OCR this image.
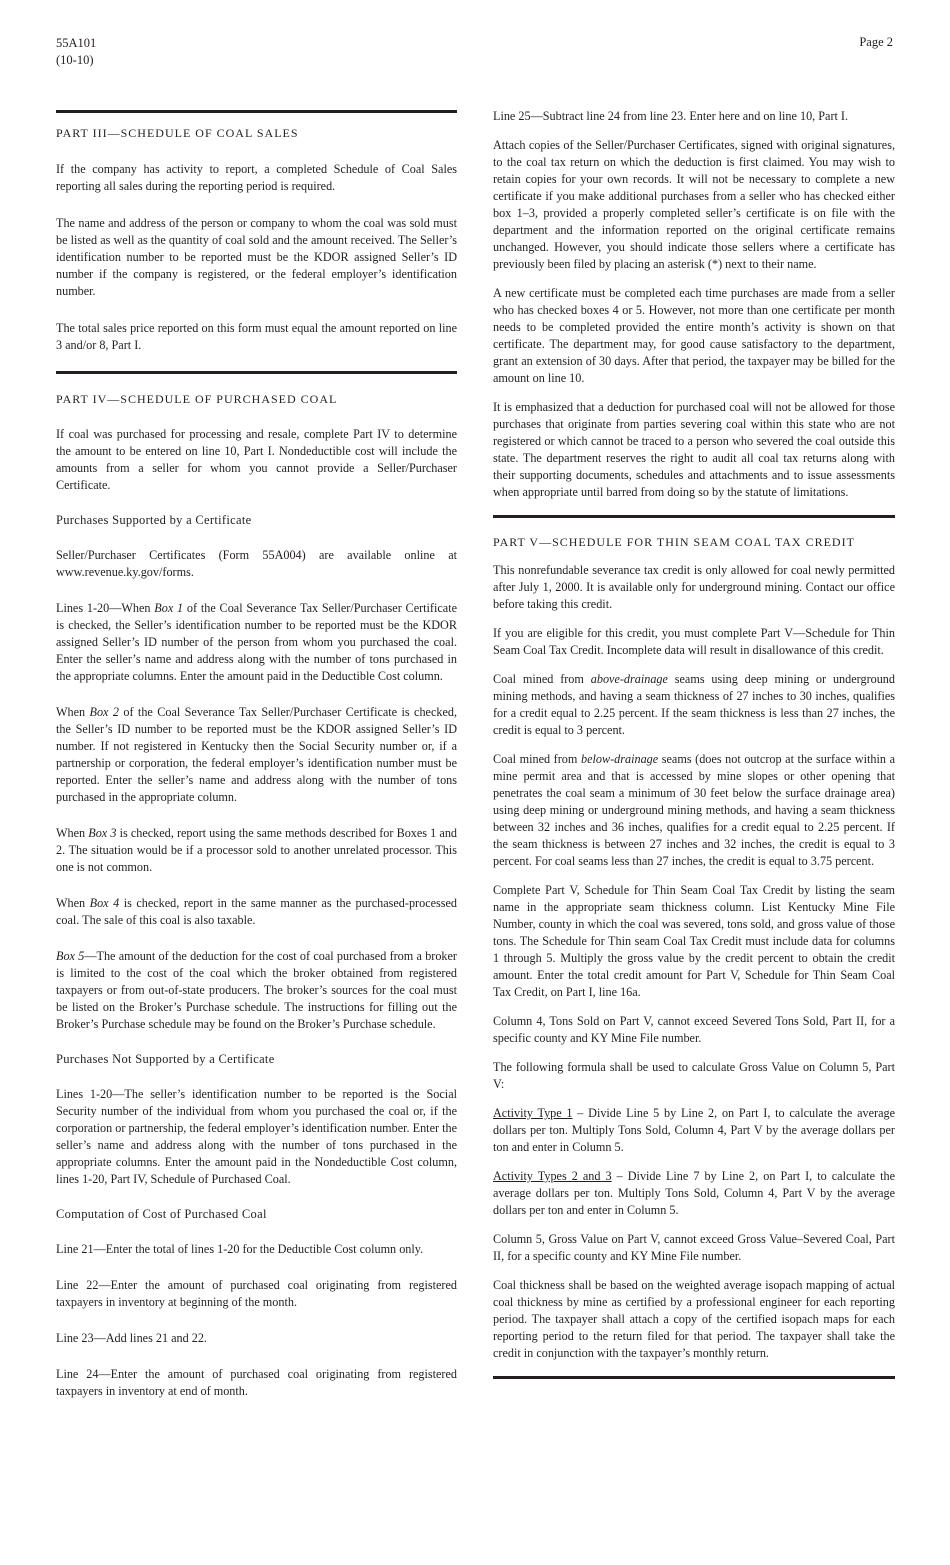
55A101
(10-10)
Page 2
PART III—SCHEDULE OF COAL SALES

If the company has activity to report, a completed Schedule of Coal Sales reporting all sales during the reporting period is required.

The name and address of the person or company to whom the coal was sold must be listed as well as the quantity of coal sold and the amount received. The Seller’s identification number to be reported must be the KDOR assigned Seller’s ID number if the company is registered, or the federal employer’s identification number.

The total sales price reported on this form must equal the amount reported on line 3 and/or 8, Part I.

PART IV—SCHEDULE OF PURCHASED COAL

If coal was purchased for processing and resale, complete Part IV to determine the amount to be entered on line 10, Part I. Nondeductible cost will include the amounts from a seller for whom you cannot provide a Seller/Purchaser Certificate.

Purchases Supported by a Certificate

Seller/Purchaser Certificates (Form 55A004) are available online at www.revenue.ky.gov/forms.

Lines 1-20—When Box 1 of the Coal Severance Tax Seller/Purchaser Certificate is checked, the Seller’s identification number to be reported must be the KDOR assigned Seller’s ID number of the person from whom you purchased the coal. Enter the seller’s name and address along with the number of tons purchased in the appropriate columns. Enter the amount paid in the Deductible Cost column.

When Box 2 of the Coal Severance Tax Seller/Purchaser Certificate is checked, the Seller’s ID number to be reported must be the KDOR assigned Seller’s ID number. If not registered in Kentucky then the Social Security number or, if a partnership or corporation, the federal employer’s identification number must be reported. Enter the seller’s name and address along with the number of tons purchased in the appropriate column.

When Box 3 is checked, report using the same methods described for Boxes 1 and 2. The situation would be if a processor sold to another unrelated processor. This one is not common.

When Box 4 is checked, report in the same manner as the purchased-processed coal. The sale of this coal is also taxable.

Box 5—The amount of the deduction for the cost of coal purchased from a broker is limited to the cost of the coal which the broker obtained from registered taxpayers or from out-of-state producers. The broker’s sources for the coal must be listed on the Broker’s Purchase schedule. The instructions for filling out the Broker’s Purchase schedule may be found on the Broker’s Purchase schedule.

Purchases Not Supported by a Certificate

Lines 1-20—The seller’s identification number to be reported is the Social Security number of the individual from whom you purchased the coal or, if the corporation or partnership, the federal employer’s identification number. Enter the seller’s name and address along with the number of tons purchased in the appropriate columns. Enter the amount paid in the Nondeductible Cost column, lines 1-20, Part IV, Schedule of Purchased Coal.

Computation of Cost of Purchased Coal

Line 21—Enter the total of lines 1-20 for the Deductible Cost column only.

Line 22—Enter the amount of purchased coal originating from registered taxpayers in inventory at beginning of the month.

Line 23—Add lines 21 and 22.

Line 24—Enter the amount of purchased coal originating from registered taxpayers in inventory at end of month.

Line 25—Subtract line 24 from line 23. Enter here and on line 10, Part I.

Attach copies of the Seller/Purchaser Certificates, signed with original signatures, to the coal tax return on which the deduction is first claimed. You may wish to retain copies for your own records. It will not be necessary to complete a new certificate if you make additional purchases from a seller who has checked either box 1–3, provided a properly completed seller’s certificate is on file with the department and the information reported on the original certificate remains unchanged. However, you should indicate those sellers where a certificate has previously been filed by placing an asterisk (*) next to their name.

A new certificate must be completed each time purchases are made from a seller who has checked boxes 4 or 5. However, not more than one certificate per month needs to be completed provided the entire month’s activity is shown on that certificate. The department may, for good cause satisfactory to the department, grant an extension of 30 days. After that period, the taxpayer may be billed for the amount on line 10.

It is emphasized that a deduction for purchased coal will not be allowed for those purchases that originate from parties severing coal within this state who are not registered or which cannot be traced to a person who severed the coal outside this state. The department reserves the right to audit all coal tax returns along with their supporting documents, schedules and attachments and to issue assessments when appropriate until barred from doing so by the statute of limitations.

PART V—SCHEDULE FOR THIN SEAM COAL TAX CREDIT

This nonrefundable severance tax credit is only allowed for coal newly permitted after July 1, 2000. It is available only for underground mining. Contact our office before taking this credit.

If you are eligible for this credit, you must complete Part V—Schedule for Thin Seam Coal Tax Credit. Incomplete data will result in disallowance of this credit.

Coal mined from above-drainage seams using deep mining or underground mining methods, and having a seam thickness of 27 inches to 30 inches, qualifies for a credit equal to 2.25 percent. If the seam thickness is less than 27 inches, the credit is equal to 3 percent.

Coal mined from below-drainage seams (does not outcrop at the surface within a mine permit area and that is accessed by mine slopes or other opening that penetrates the coal seam a minimum of 30 feet below the surface drainage area) using deep mining or underground mining methods, and having a seam thickness between 32 inches and 36 inches, qualifies for a credit equal to 2.25 percent. If the seam thickness is between 27 inches and 32 inches, the credit is equal to 3 percent. For coal seams less than 27 inches, the credit is equal to 3.75 percent.

Complete Part V, Schedule for Thin Seam Coal Tax Credit by listing the seam name in the appropriate seam thickness column. List Kentucky Mine File Number, county in which the coal was severed, tons sold, and gross value of those tons. The Schedule for Thin seam Coal Tax Credit must include data for columns 1 through 5. Multiply the gross value by the credit percent to obtain the credit amount. Enter the total credit amount for Part V, Schedule for Thin Seam Coal Tax Credit, on Part I, line 16a.

Column 4, Tons Sold on Part V, cannot exceed Severed Tons Sold, Part II, for a specific county and KY Mine File number.

The following formula shall be used to calculate Gross Value on Column 5, Part V:

Activity Type 1 – Divide Line 5 by Line 2, on Part I, to calculate the average dollars per ton. Multiply Tons Sold, Column 4, Part V by the average dollars per ton and enter in Column 5.

Activity Types 2 and 3 – Divide Line 7 by Line 2, on Part I, to calculate the average dollars per ton. Multiply Tons Sold, Column 4, Part V by the average dollars per ton and enter in Column 5.

Column 5, Gross Value on Part V, cannot exceed Gross Value–Severed Coal, Part II, for a specific county and KY Mine File number.

Coal thickness shall be based on the weighted average isopach mapping of actual coal thickness by mine as certified by a professional engineer for each reporting period. The taxpayer shall attach a copy of the certified isopach maps for each reporting period to the return filed for that period. The taxpayer shall take the credit in conjunction with the taxpayer’s monthly return.
